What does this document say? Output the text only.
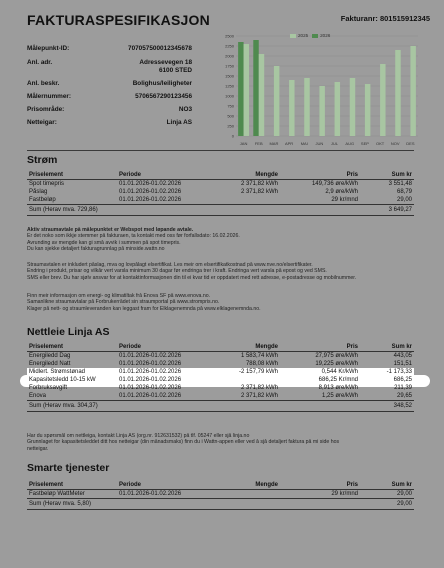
FAKTURASPESIFIKASJON	Fakturanr: 801515912345
Målepunkt-ID:	707057500012345678
Anl. adr.	Adressevegen 18
6100 STED
Anl. beskr.	Bolighus/leiligheter
Målernummer:	5706567290123456
Prisområde:	NO3
Netteigar:	Linja AS
0
250
500
750
1000
1250
1500
1750
2000
2250
2500
JAN FEB MAR APR MAI JUN JUL AUG SEP OKT NOV DES
2025	2026
Strøm
Priselement	Periode	Mengde	Pris	Sum kr
Spot timepris	01.01.2026-01.02.2026	2 371,82 kWh	149,736 øre/kWh	3 551,48
Påslag	01.01.2026-01.02.2026	2 371,82 kWh	2,9 øre/kWh	68,79
Fastbeløp	01.01.2026-01.02.2026		29 kr/mnd	29,00
Sum (Herav mva. 729,86)				3 649,27
Aktiv straumavtale på målepunktet er Webspot med løpande avtale.
Er det noko som ikkje stemmer på fakturaen, ta kontakt med oss før forfallsdato: 16.02.2026.
Avrunding av mengde kan gi små avvik i summen på spot timepris.
Du kan sjekke detaljert fakturagrunnlag på minside.wattn.no
Straumavtalen er inkludert påslag, mva og lovpålagt elsertifikat. Les meir om elsertifikatkostnad på www.nve.no/elsertifikater.
Endring i produkt, prisar og vilkår vert varsla minimum 30 dagar før endringa trer i kraft. Endringa vert varsla på epost og ved SMS.
SMS eller brev. Du har sjølv ansvar for at kontaktinformasjonen din til ei kvar tid er oppdatert med rett adresse, e-postadresse og mobilnummer.
Finn meir informasjon om energi- og klimatiltak frå Enova SF på www.enova.no.
Samanlikne straumavtalar på Forbrukerrådet sin straumportal på www.strompris.no.
Klager på nett- og straumleveranden kan leggast fram for Elklagenemnda på www.elklagenemnda.no.
Nettleie Linja AS
Priselement	Periode	Mengde	Pris	Sum kr
Energiledd Dag	01.01.2026-01.02.2026	1 583,74 kWh	27,975 øre/kWh	443,05
Energiledd Natt	01.01.2026-01.02.2026	788,08 kWh	19,225 øre/kWh	151,51
Midlert. Strømstønad	01.01.2026-01.02.2026	-2 157,79 kWh	0,544 Kr/kWh	-1 173,33
Kapasitetsledd 10-15 kW	01.01.2026-01.02.2026		686,25 Kr/mnd	686,25
Forbruksavgift	01.01.2026-01.02.2026	2 371,82 kWh	8,913 øre/kWh	211,39
Enova	01.01.2026-01.02.2026	2 371,82 kWh	1,25 øre/kWh	29,65
Sum (Herav mva. 304,37)				348,52
Har du spørsmål om nettleiga, kontakt Linja AS (org.nr. 912631532) på tlf. 05247 eller sjå linja.no
Grunnlaget for kapasitetsleddet ditt hos netteigar (din månadsmaks) finn du i Wattn-appen eller ved å sjå detaljert faktura på mi side hos
netteigar.
Smarte tjenester
Priselement	Periode	Mengde	Pris	Sum kr
Fastbeløp WattMeter	01.01.2026-01.02.2026		29 kr/mnd	29,00
Sum (Herav mva. 5,80)				29,00
